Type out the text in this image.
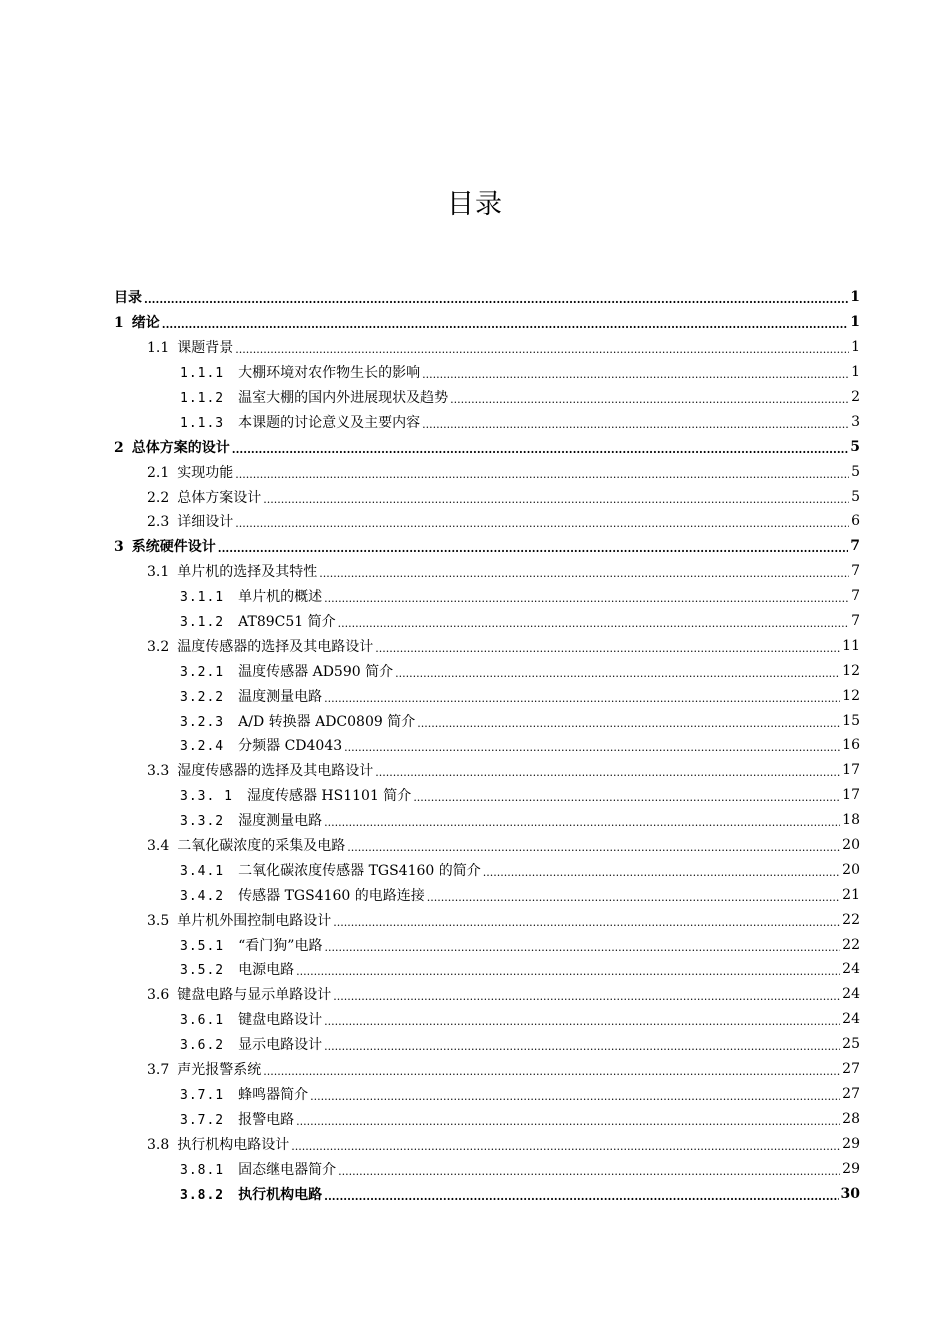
目录
目录 .....	1
1 绪论 .....	1
1.1 课题背景 .....	1
1.1.1 大棚环境对农作物生长的影响 .....	1
1.1.2 温室大棚的国内外进展现状及趋势 .....	2
1.1.3 本课题的讨论意义及主要内容 .....	3
2 总体方案的设计 .....	5
2.1 实现功能 .....	5
2.2 总体方案设计 .....	5
2.3 详细设计 .....	6
3 系统硬件设计 .....	7
3.1 单片机的选择及其特性 .....	7
3.1.1 单片机的概述 .....	7
3.1.2 AT89C51 简介 .....	7
3.2 温度传感器的选择及其电路设计 .....	11
3.2.1 温度传感器 AD590 简介 .....	12
3.2.2 温度测量电路 .....	12
3.2.3 A/D 转换器 ADC0809 简介 .....	15
3.2.4 分频器 CD4043 .....	16
3.3 湿度传感器的选择及其电路设计 .....	17
3.3. 1 湿度传感器 HS1101 简介 .....	17
3.3.2 湿度测量电路 .....	18
3.4 二氧化碳浓度的采集及电路 .....	20
3.4.1 二氧化碳浓度传感器 TGS4160 的简介 .....	20
3.4.2 传感器 TGS4160 的电路连接 .....	21
3.5 单片机外围控制电路设计 .....	22
3.5.1 “看门狗”电路 .....	22
3.5.2 电源电路 .....	24
3.6 键盘电路与显示单路设计 .....	24
3.6.1 键盘电路设计 .....	24
3.6.2 显示电路设计 .....	25
3.7 声光报警系统 .....	27
3.7.1 蜂鸣器简介 .....	27
3.7.2 报警电路 .....	28
3.8 执行机构电路设计 .....	29
3.8.1 固态继电器简介 .....	29
3.8.2 执行机构电路 .....	30
